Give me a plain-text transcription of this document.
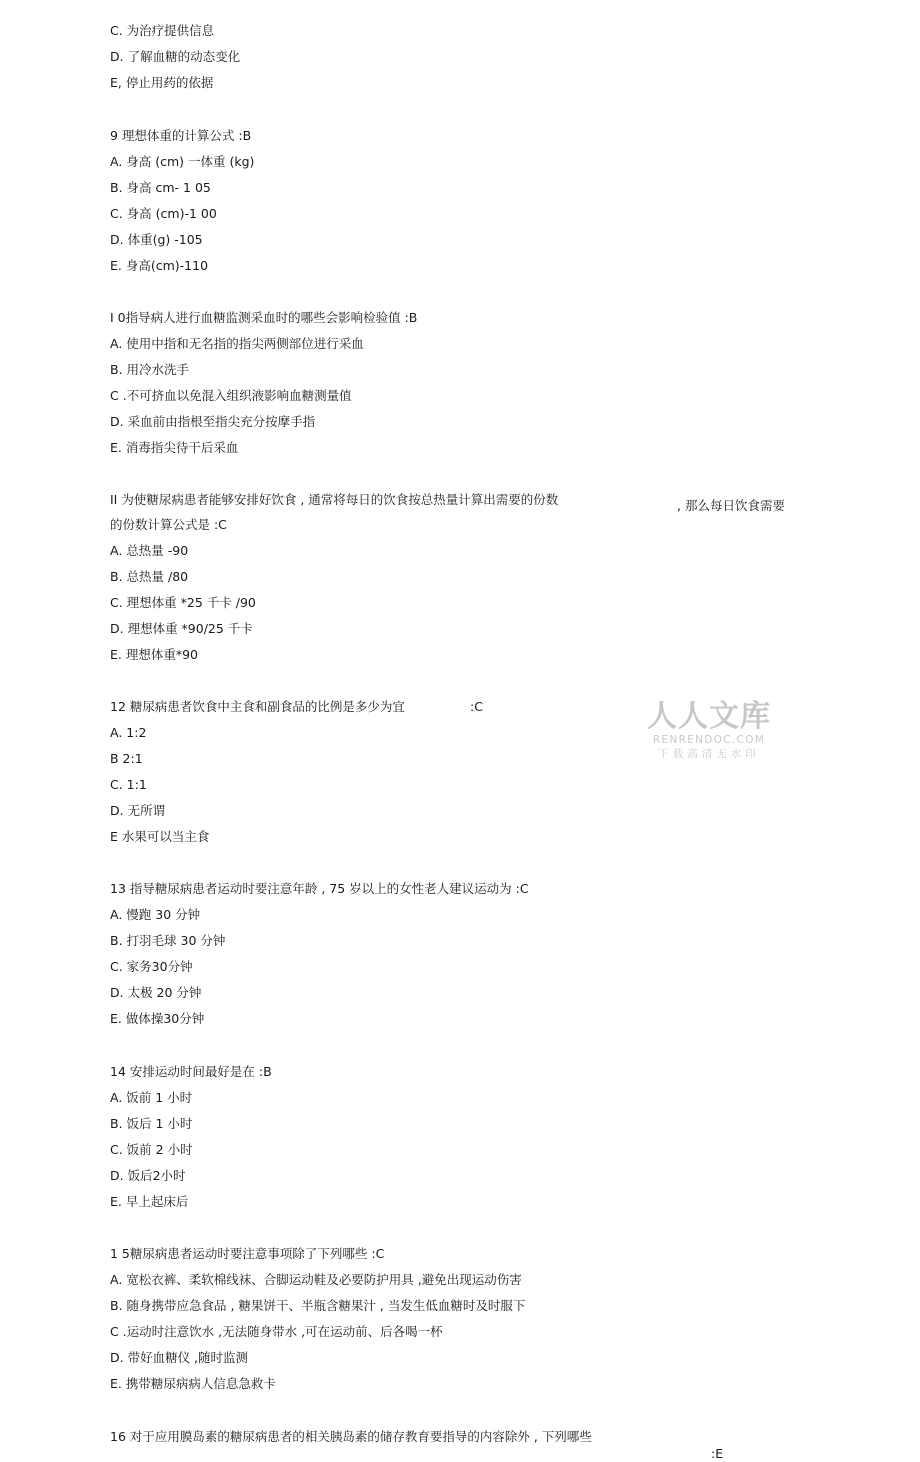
C. 为治疗提供信息
D. 了解血糖的动态变化
E, 停止用药的依据
9 理想体重的计算公式 :B
A. 身高 (cm) 一体重 (kg)
B. 身高 cm- 1 05
C. 身高 (cm)-1 00
D. 体重(g) -105
E. 身高(cm)-110
I 0指导病人进行血糖监测采血时的哪些会影响检验值 :B
A. 使用中指和无名指的指尖两侧部位进行采血
B. 用冷水洗手
C .不可挤血以免混入组织液影响血糖测量值
D. 采血前由指根至指尖充分按摩手指
E. 消毒指尖待干后采血
II 为使糖尿病患者能够安排好饮食 , 通常将每日的饮食按总热量计算出需要的份数	, 那么每日饮食需要
的份数计算公式是 :C
A. 总热量 -90
B. 总热量 /80
C. 理想体重 *25 千卡 /90
D. 理想体重 *90/25 千卡
E. 理想体重*90
12 糖尿病患者饮食中主食和副食品的比例是多少为宜	:C
A. 1:2
B 2:1
C. 1:1
D. 无所谓
E 水果可以当主食
人人文库
RENRENDOC.COM
下载高清无水印
13 指导糖尿病患者运动时要注意年龄 , 75 岁以上的女性老人建议运动为 :C
A. 慢跑 30 分钟
B. 打羽毛球 30 分钟
C. 家务30分钟
D. 太极 20 分钟
E. 做体操30分钟
14 安排运动时间最好是在 :B
A. 饭前 1 小时
B. 饭后 1 小时
C. 饭前 2 小时
D. 饭后2小时
E. 早上起床后
1 5糖尿病患者运动时要注意事项除了下列哪些 :C
A. 宽松衣裤、柔软棉线袜、合脚运动鞋及必要防护用具 ,避免出现运动伤害
B. 随身携带应急食品 , 糖果饼干、半瓶含糖果汁 , 当发生低血糖时及时服下
C .运动时注意饮水 ,无法随身带水 ,可在运动前、后各喝一杯
D. 带好血糖仪 ,随时监测
E. 携带糖尿病病人信息急救卡
16 对于应用膜岛素的糖尿病患者的相关胰岛素的储存教育要指导的内容除外 , 下列哪些
:E
